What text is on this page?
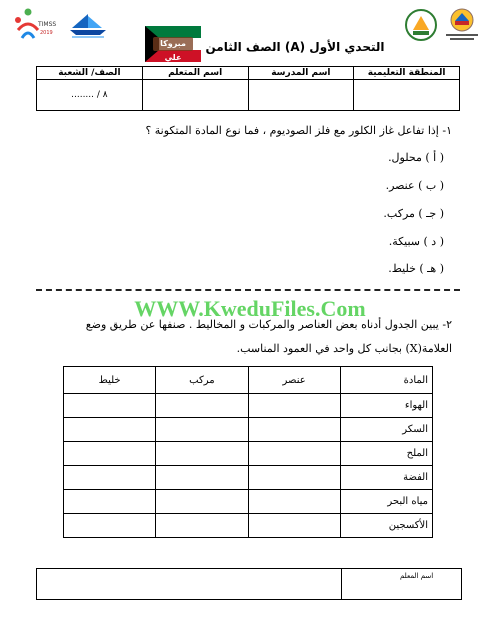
TIMSS
2019
مبروكا علي
التحدي الأول (A) الصف الثامن
المنطقة التعليمية	اسم المدرسة	اسم المتعلم	الصف/ الشعبة
			٨ / ........
١- إذا تفاعل غاز الكلور مع فلز الصوديوم ، فما نوع المادة المتكونة ؟
( أ ) محلول.
( ب ) عنصر.
( جـ ) مركب.
( د ) سبيكة.
( هـ ) خليط.
WWW.KweduFiles.Com
٢- يبين الجدول أدناه بعض العناصر والمركبات و المخاليط . صنفها عن طريق وضع
العلامة(X) بجانب كل واحد في العمود المناسب.
المادة	عنصر	مركب	خليط
الهواء			
السكر			
الملح			
الفضة			
مياه البحر			
الأكسجين			
اسم المعلم
